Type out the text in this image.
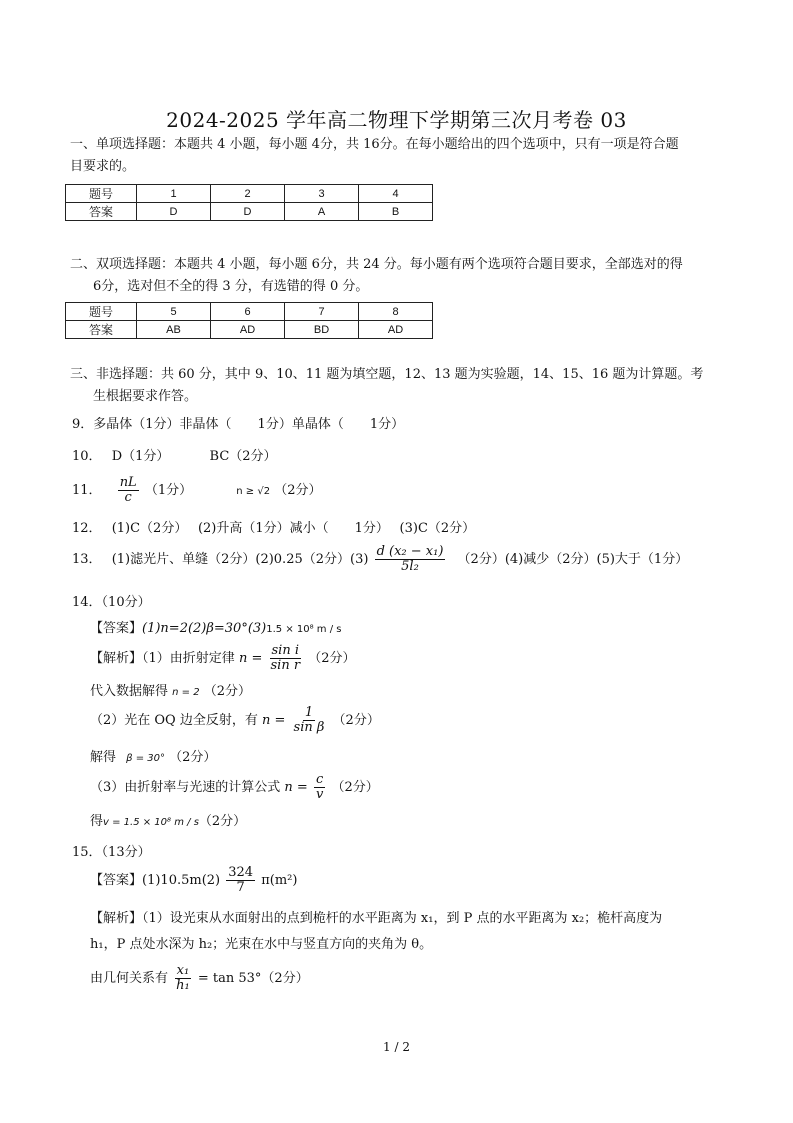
2024-2025 学年高二物理下学期第三次月考卷 03
一、单项选择题：本题共 4 小题，每小题 4分，共 16分。在每小题给出的四个选项中，只有一项是符合题
目要求的。
题号	1	2	3	4
答案	D	D	A	B
二、双项选择题：本题共 4 小题，每小题 6分，共 24 分。每小题有两个选项符合题目要求，全部选对的得
6分，选对但不全的得 3 分，有选错的得 0 分。
题号	5	6	7	8
答案	AB	AD	BD	AD
三、非选择题：共 60 分，其中 9、10、11 题为填空题，12、13 题为实验题，14、15、16 题为计算题。考
生根据要求作答。
9．多晶体（1分）非晶体（　　1分）单晶体（　　1分）
10． D（1分）	BC（2分）
11． $\frac{nL}{c} (1$分）	n ≥ √2 （2分）
12． (1)C（2分）　 (2)升高（1分）减小（　　1分）　 (3)C（2分）
13． (1)滤光片、单缝（2分）(2)0.25（2分）$(3) \frac{\text{d (x₂ − x₁)}}{\text{5l₂}} (2$分）(4)减少（2分）(5)大于（1分）
14．（10分）
【答案】(1)n=2(2)β=30°(3)1.5 × 10⁸ m / s
【解析】（1）由折射定律 $n = \frac{\text{sin i}}{\text{sin r}} (2$分）
代入数据解得 n = 2 （2分）
（2）光在 OQ 边全反射，有 $n = \frac{1}{\text{sin β}} (2$分）
解得 β = 30° （2分）
（3）由折射率与光速的计算公式 $n = \frac{c}{v} (2$分）
得v = 1.5 × 10⁸ m / s（2分）
15．（13分）
【答案】$(1)10.5m(2) \frac{324}{7} \pi(m^2)$
【解析】（1）设光束从水面射出的点到桅杆的水平距离为 x₁，到 P 点的水平距离为 x₂；桅杆高度为
h₁，P 点处水深为 h₂；光束在水中与竖直方向的夹角为 θ。
由几何关系有 $\frac{\text{x₁}}{\text{h₁}} = \tan 53^\circ(2$分）
1 / 2
